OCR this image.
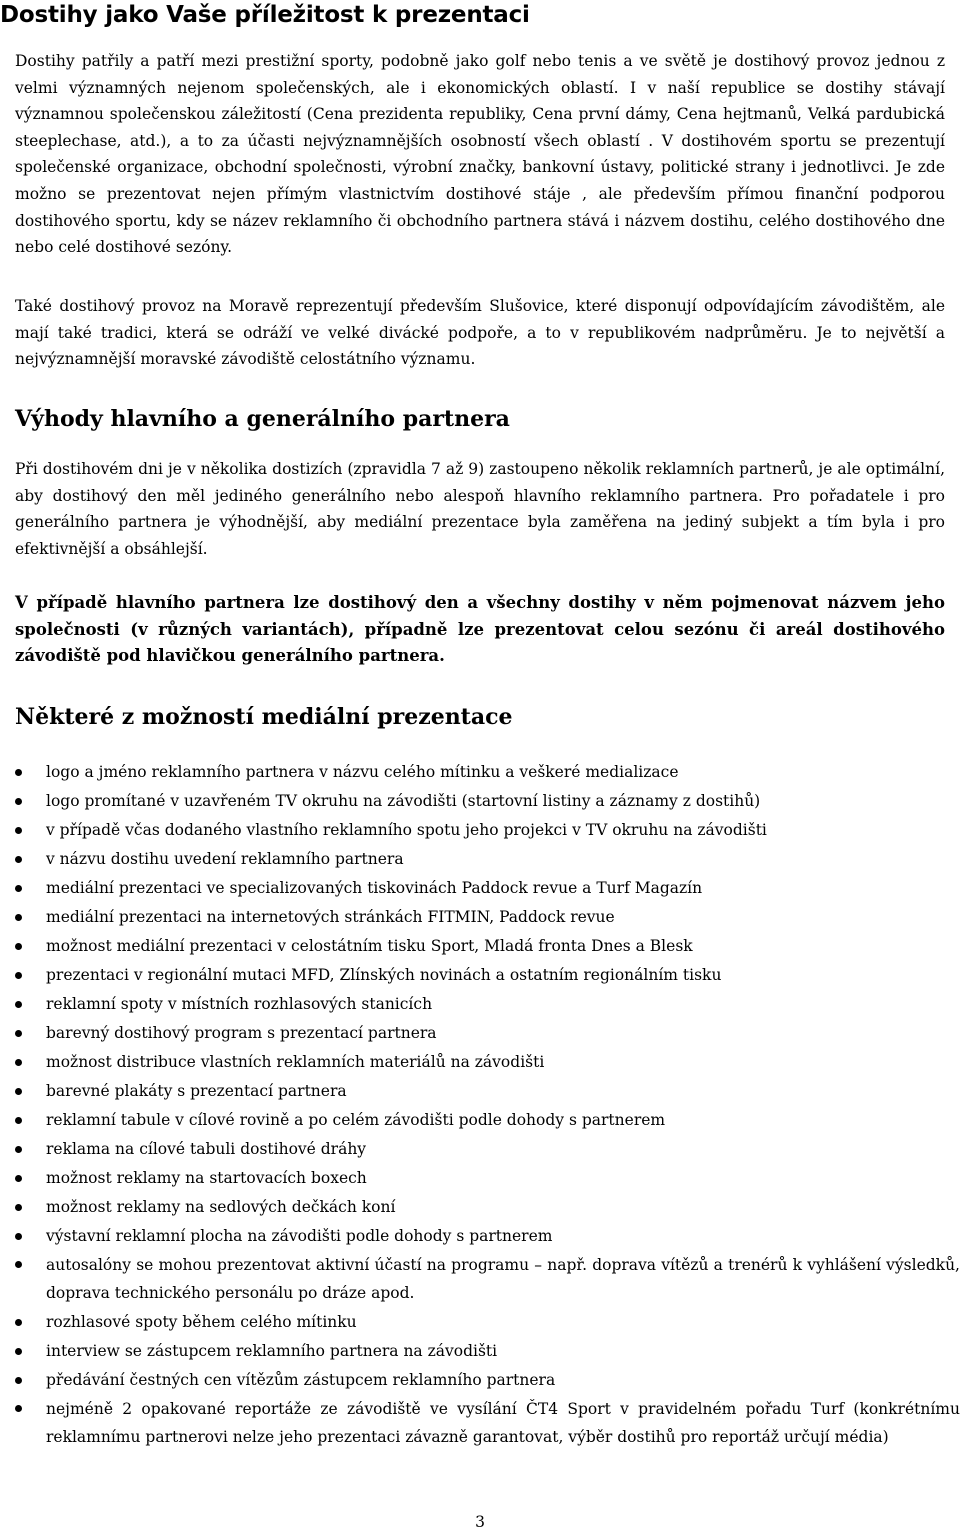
Dostihy jako Vaše příležitost k prezentaci

Dostihy patřily a patří mezi prestižní sporty, podobně jako golf nebo tenis a ve světě je dostihový provoz jednou z velmi významných nejenom společenských, ale i ekonomických oblastí. I v naší republice se dostihy stávají významnou společenskou záležitostí (Cena prezidenta republiky, Cena první dámy, Cena hejtmanů, Velká pardubická steeplechase, atd.), a to za účasti nejvýznamnějších osobností všech oblastí . V dostihovém sportu se prezentují společenské organizace, obchodní společnosti, výrobní značky, bankovní ústavy, politické strany i jednotlivci. Je zde možno se prezentovat nejen přímým vlastnictvím dostihové stáje , ale především přímou finanční podporou dostihového sportu, kdy se název reklamního či obchodního partnera stává i názvem dostihu, celého dostihového dne nebo celé dostihové sezóny.

Také dostihový provoz na Moravě reprezentují především Slušovice, které disponují odpovídajícím závodištěm, ale mají také tradici, která se odráží ve velké divácké podpoře, a to v republikovém nadprůměru. Je to největší a nejvýznamnější moravské závodiště celostátního významu.

Výhody hlavního a generálního partnera

Při dostihovém dni je v několika dostizích (zpravidla 7 až 9) zastoupeno několik reklamních partnerů, je ale optimální, aby dostihový den měl jediného generálního nebo alespoň hlavního reklamního partnera. Pro pořadatele i pro generálního partnera je výhodnější, aby mediální prezentace byla zaměřena na jediný subjekt a tím byla i pro efektivnější a obsáhlejší.

V případě hlavního partnera lze dostihový den a všechny dostihy v něm pojmenovat názvem jeho společnosti (v různých variantách), případně lze prezentovat celou sezónu či areál dostihového závodiště pod hlavičkou generálního partnera.

Některé z možností mediální prezentace
logo a jméno reklamního partnera v názvu celého mítinku a veškeré medializace
logo promítané v uzavřeném TV okruhu na závodišti (startovní listiny a záznamy z dostihů)
v případě včas dodaného vlastního reklamního spotu jeho projekci v TV okruhu na závodišti
v názvu dostihu uvedení reklamního partnera
mediální prezentaci ve specializovaných tiskovinách Paddock revue a Turf Magazín
mediální prezentaci na internetových stránkách FITMIN, Paddock revue
možnost mediální prezentaci v celostátním tisku Sport, Mladá fronta Dnes a Blesk
prezentaci v regionální mutaci MFD, Zlínských novinách a ostatním regionálním tisku
reklamní spoty v místních rozhlasových stanicích
barevný dostihový program s prezentací partnera
možnost distribuce vlastních reklamních materiálů na závodišti
barevné plakáty s prezentací partnera
reklamní tabule v cílové rovině a po celém závodišti podle dohody s partnerem
reklama na cílové tabuli dostihové dráhy
možnost reklamy na startovacích boxech
možnost reklamy na sedlových dečkách koní
výstavní reklamní plocha na závodišti podle dohody s partnerem
autosalóny se mohou prezentovat aktivní účastí na programu – např. doprava vítězů a trenérů k vyhlášení výsledků, doprava technického personálu po dráze apod.
rozhlasové spoty během celého mítinku
interview se zástupcem reklamního partnera na závodišti
předávání čestných cen vítězům zástupcem reklamního partnera
nejméně 2 opakované reportáže ze závodiště ve vysílání ČT4 Sport v pravidelném pořadu Turf (konkrétnímu reklamnímu partnerovi nelze jeho prezentaci závazně garantovat, výběr dostihů pro reportáž určují média)
3
